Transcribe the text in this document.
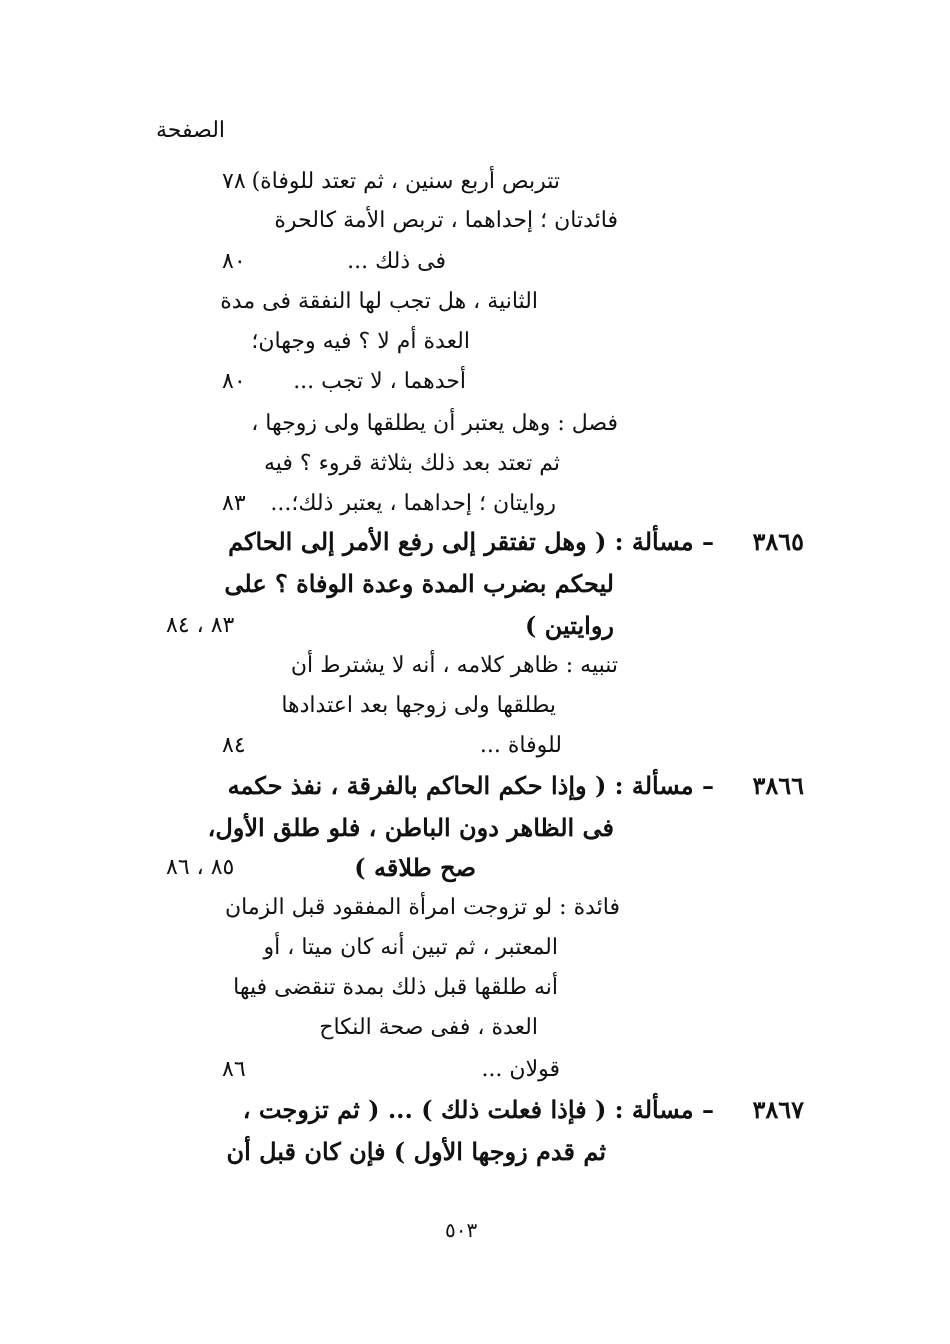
الصفحة
تتربص أربع سنين ، ثم تعتد للوفاة)
٧٨
فائدتان ؛ إحداهما ، تربص الأمة كالحرة
فى ذلك ...
٨٠
الثانية ، هل تجب لها النفقة فى مدة
العدة أم لا ؟ فيه وجهان؛
أحدهما ، لا تجب ...
٨٠
فصل : وهل يعتبر أن يطلقها ولى زوجها ،
ثم تعتد بعد ذلك بثلاثة قروء ؟ فيه
روايتان ؛ إحداهما ، يعتبر ذلك؛...
٨٣
٣٨٦٥
– مسألة : ( وهل تفتقر إلى رفع الأمر إلى الحاكم
ليحكم بضرب المدة وعدة الوفاة ؟ على
روايتين )
٨٣ ، ٨٤
تنبيه : ظاهر كلامه ، أنه لا يشترط أن
يطلقها ولى زوجها بعد اعتدادها
للوفاة ...
٨٤
٣٨٦٦
– مسألة : ( وإذا حكم الحاكم بالفرقة ، نفذ حكمه
فى الظاهر دون الباطن ، فلو طلق الأول،
صح طلاقه )
٨٥ ، ٨٦
فائدة : لو تزوجت امرأة المفقود قبل الزمان
المعتبر ، ثم تبين أنه كان ميتا ، أو
أنه طلقها قبل ذلك بمدة تنقضى فيها
العدة ، ففى صحة النكاح
قولان ...
٨٦
٣٨٦٧
– مسألة : ( فإذا فعلت ذلك ) ... ( ثم تزوجت ،
ثم قدم زوجها الأول ) فإن كان قبل أن
٥٠٣
